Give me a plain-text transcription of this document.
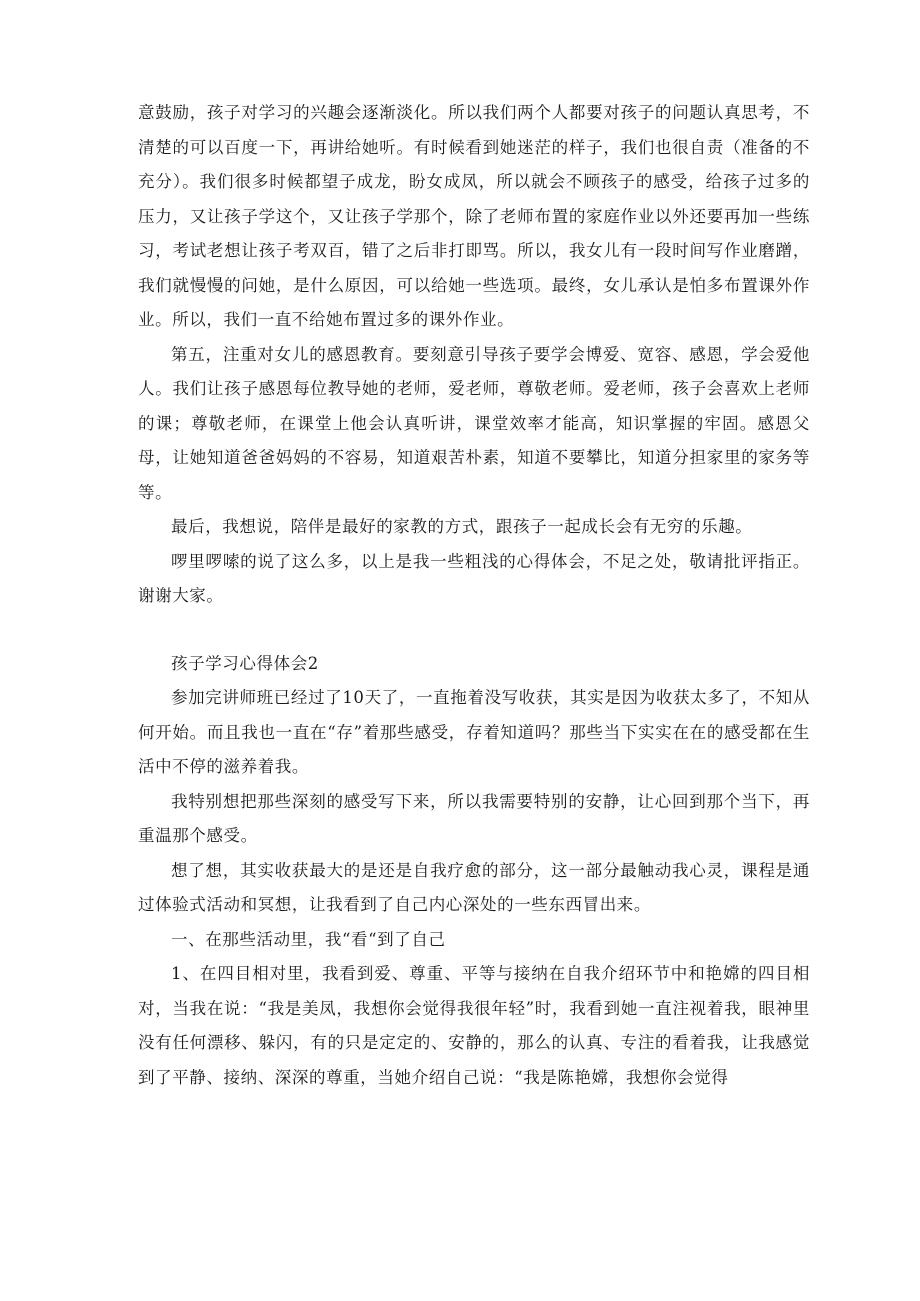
意鼓励，孩子对学习的兴趣会逐渐淡化。所以我们两个人都要对孩子的问题认真思考，不清楚的可以百度一下，再讲给她听。有时候看到她迷茫的样子，我们也很自责（准备的不充分）。我们很多时候都望子成龙，盼女成凤，所以就会不顾孩子的感受，给孩子过多的压力，又让孩子学这个，又让孩子学那个，除了老师布置的家庭作业以外还要再加一些练习，考试老想让孩子考双百，错了之后非打即骂。所以，我女儿有一段时间写作业磨蹭，我们就慢慢的问她，是什么原因，可以给她一些选项。最终，女儿承认是怕多布置课外作业。所以，我们一直不给她布置过多的课外作业。

第五，注重对女儿的感恩教育。要刻意引导孩子要学会博爱、宽容、感恩，学会爱他人。我们让孩子感恩每位教导她的老师，爱老师，尊敬老师。爱老师，孩子会喜欢上老师的课；尊敬老师，在课堂上他会认真听讲，课堂效率才能高，知识掌握的牢固。感恩父母，让她知道爸爸妈妈的不容易，知道艰苦朴素，知道不要攀比，知道分担家里的家务等等。

最后，我想说，陪伴是最好的家教的方式，跟孩子一起成长会有无穷的乐趣。

啰里啰嗦的说了这么多，以上是我一些粗浅的心得体会，不足之处，敬请批评指正。谢谢大家。

孩子学习心得体会2

参加完讲师班已经过了10天了，一直拖着没写收获，其实是因为收获太多了，不知从何开始。而且我也一直在“存”着那些感受，存着知道吗？那些当下实实在在的感受都在生活中不停的滋养着我。

我特别想把那些深刻的感受写下来，所以我需要特别的安静，让心回到那个当下，再重温那个感受。

想了想，其实收获最大的是还是自我疗愈的部分，这一部分最触动我心灵，课程是通过体验式活动和冥想，让我看到了自己内心深处的一些东西冒出来。

一、在那些活动里，我“看“到了自己

1、在四目相对里，我看到爱、尊重、平等与接纳在自我介绍环节中和艳嫦的四目相对，当我在说：“我是美凤，我想你会觉得我很年轻”时，我看到她一直注视着我，眼神里没有任何漂移、躲闪，有的只是定定的、安静的，那么的认真、专注的看着我，让我感觉到了平静、接纳、深深的尊重，当她介绍自己说：“我是陈艳嫦，我想你会觉得
